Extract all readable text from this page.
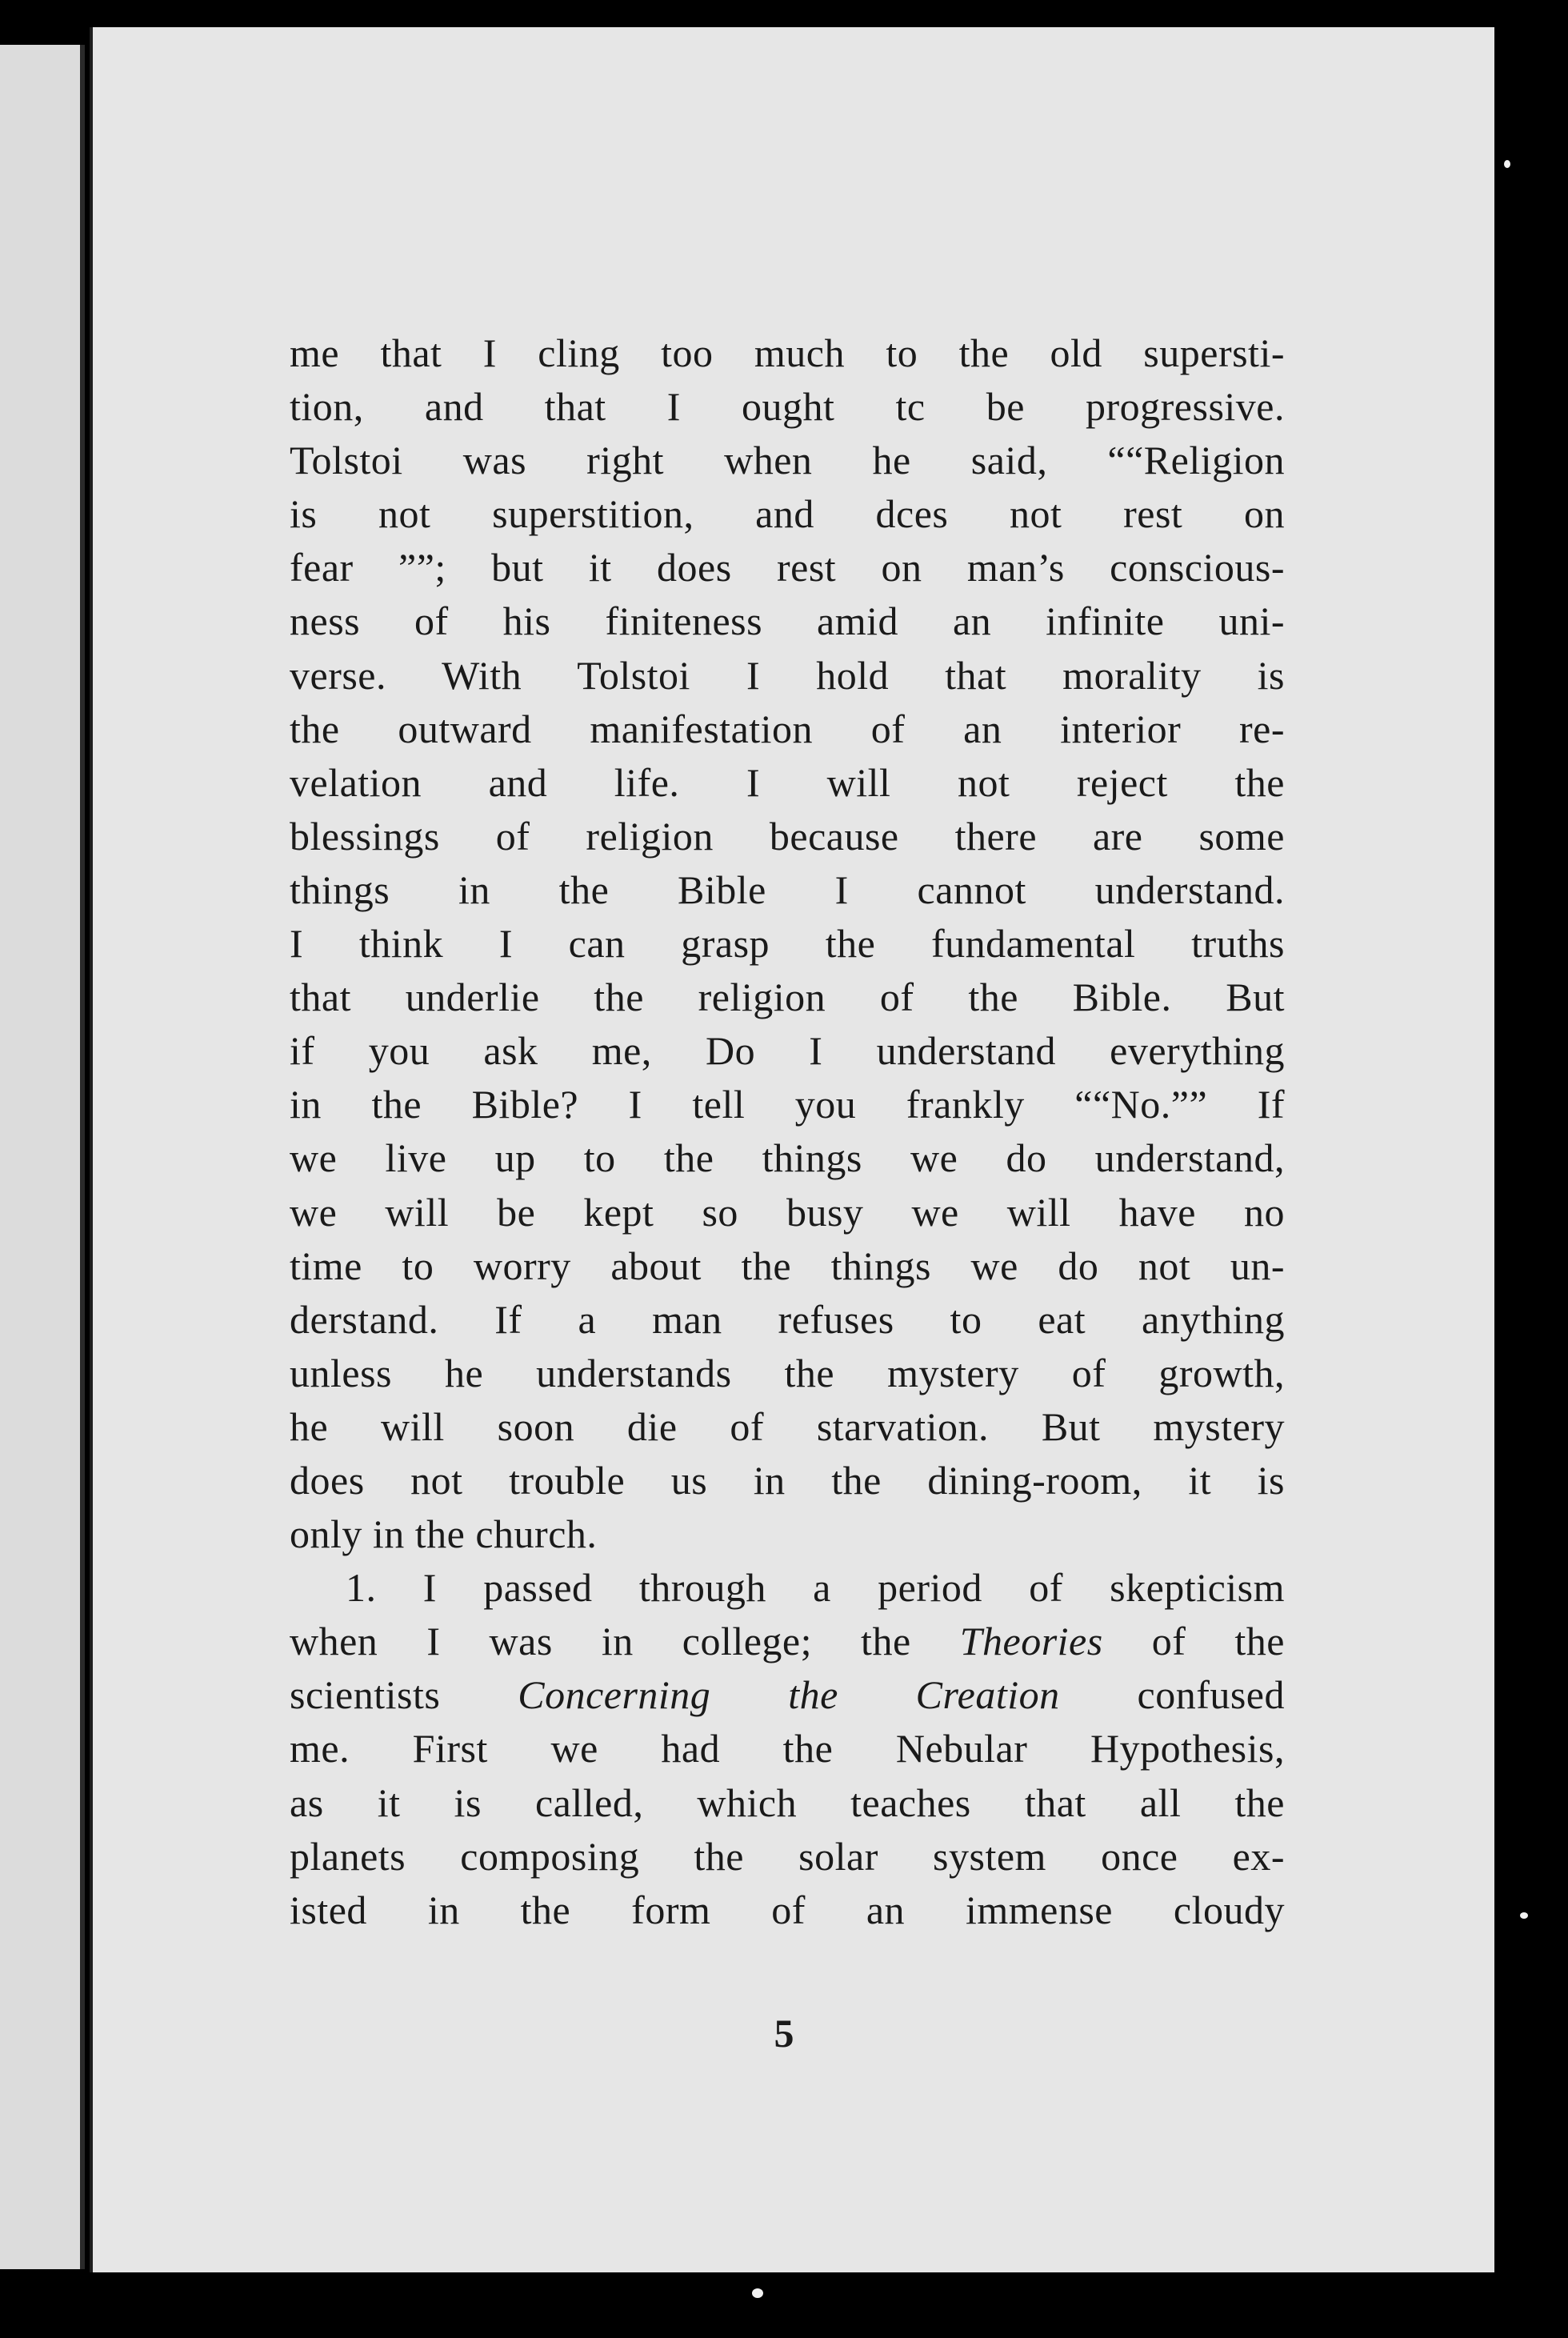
me that I cling too much to the old supersti-
tion, and that I ought tc be progressive.
Tolstoi was right when he said, ““Religion
is not superstition, and dces not rest on
fear ””; but it does rest on man’s conscious-
ness of his finiteness amid an infinite uni-
verse. With Tolstoi I hold that morality is
the outward manifestation of an interior re-
velation and life. I will not reject the
blessings of religion because there are some
things in the Bible I cannot understand.
I think I can grasp the fundamental truths
that underlie the religion of the Bible. But
if you ask me, Do I understand everything
in the Bible? I tell you frankly ““No.”” If
we live up to the things we do understand,
we will be kept so busy we will have no
time to worry about the things we do not un-
derstand. If a man refuses to eat anything
unless he understands the mystery of growth,
he will soon die of starvation. But mystery
does not trouble us in the dining-room, it is
only in the church.
1. I passed through a period of skepticism
when I was in college; the Theories of the
scientists Concerning the Creation confused
me. First we had the Nebular Hypothesis,
as it is called, which teaches that all the
planets composing the solar system once ex-
isted in the form of an immense cloudy
5
